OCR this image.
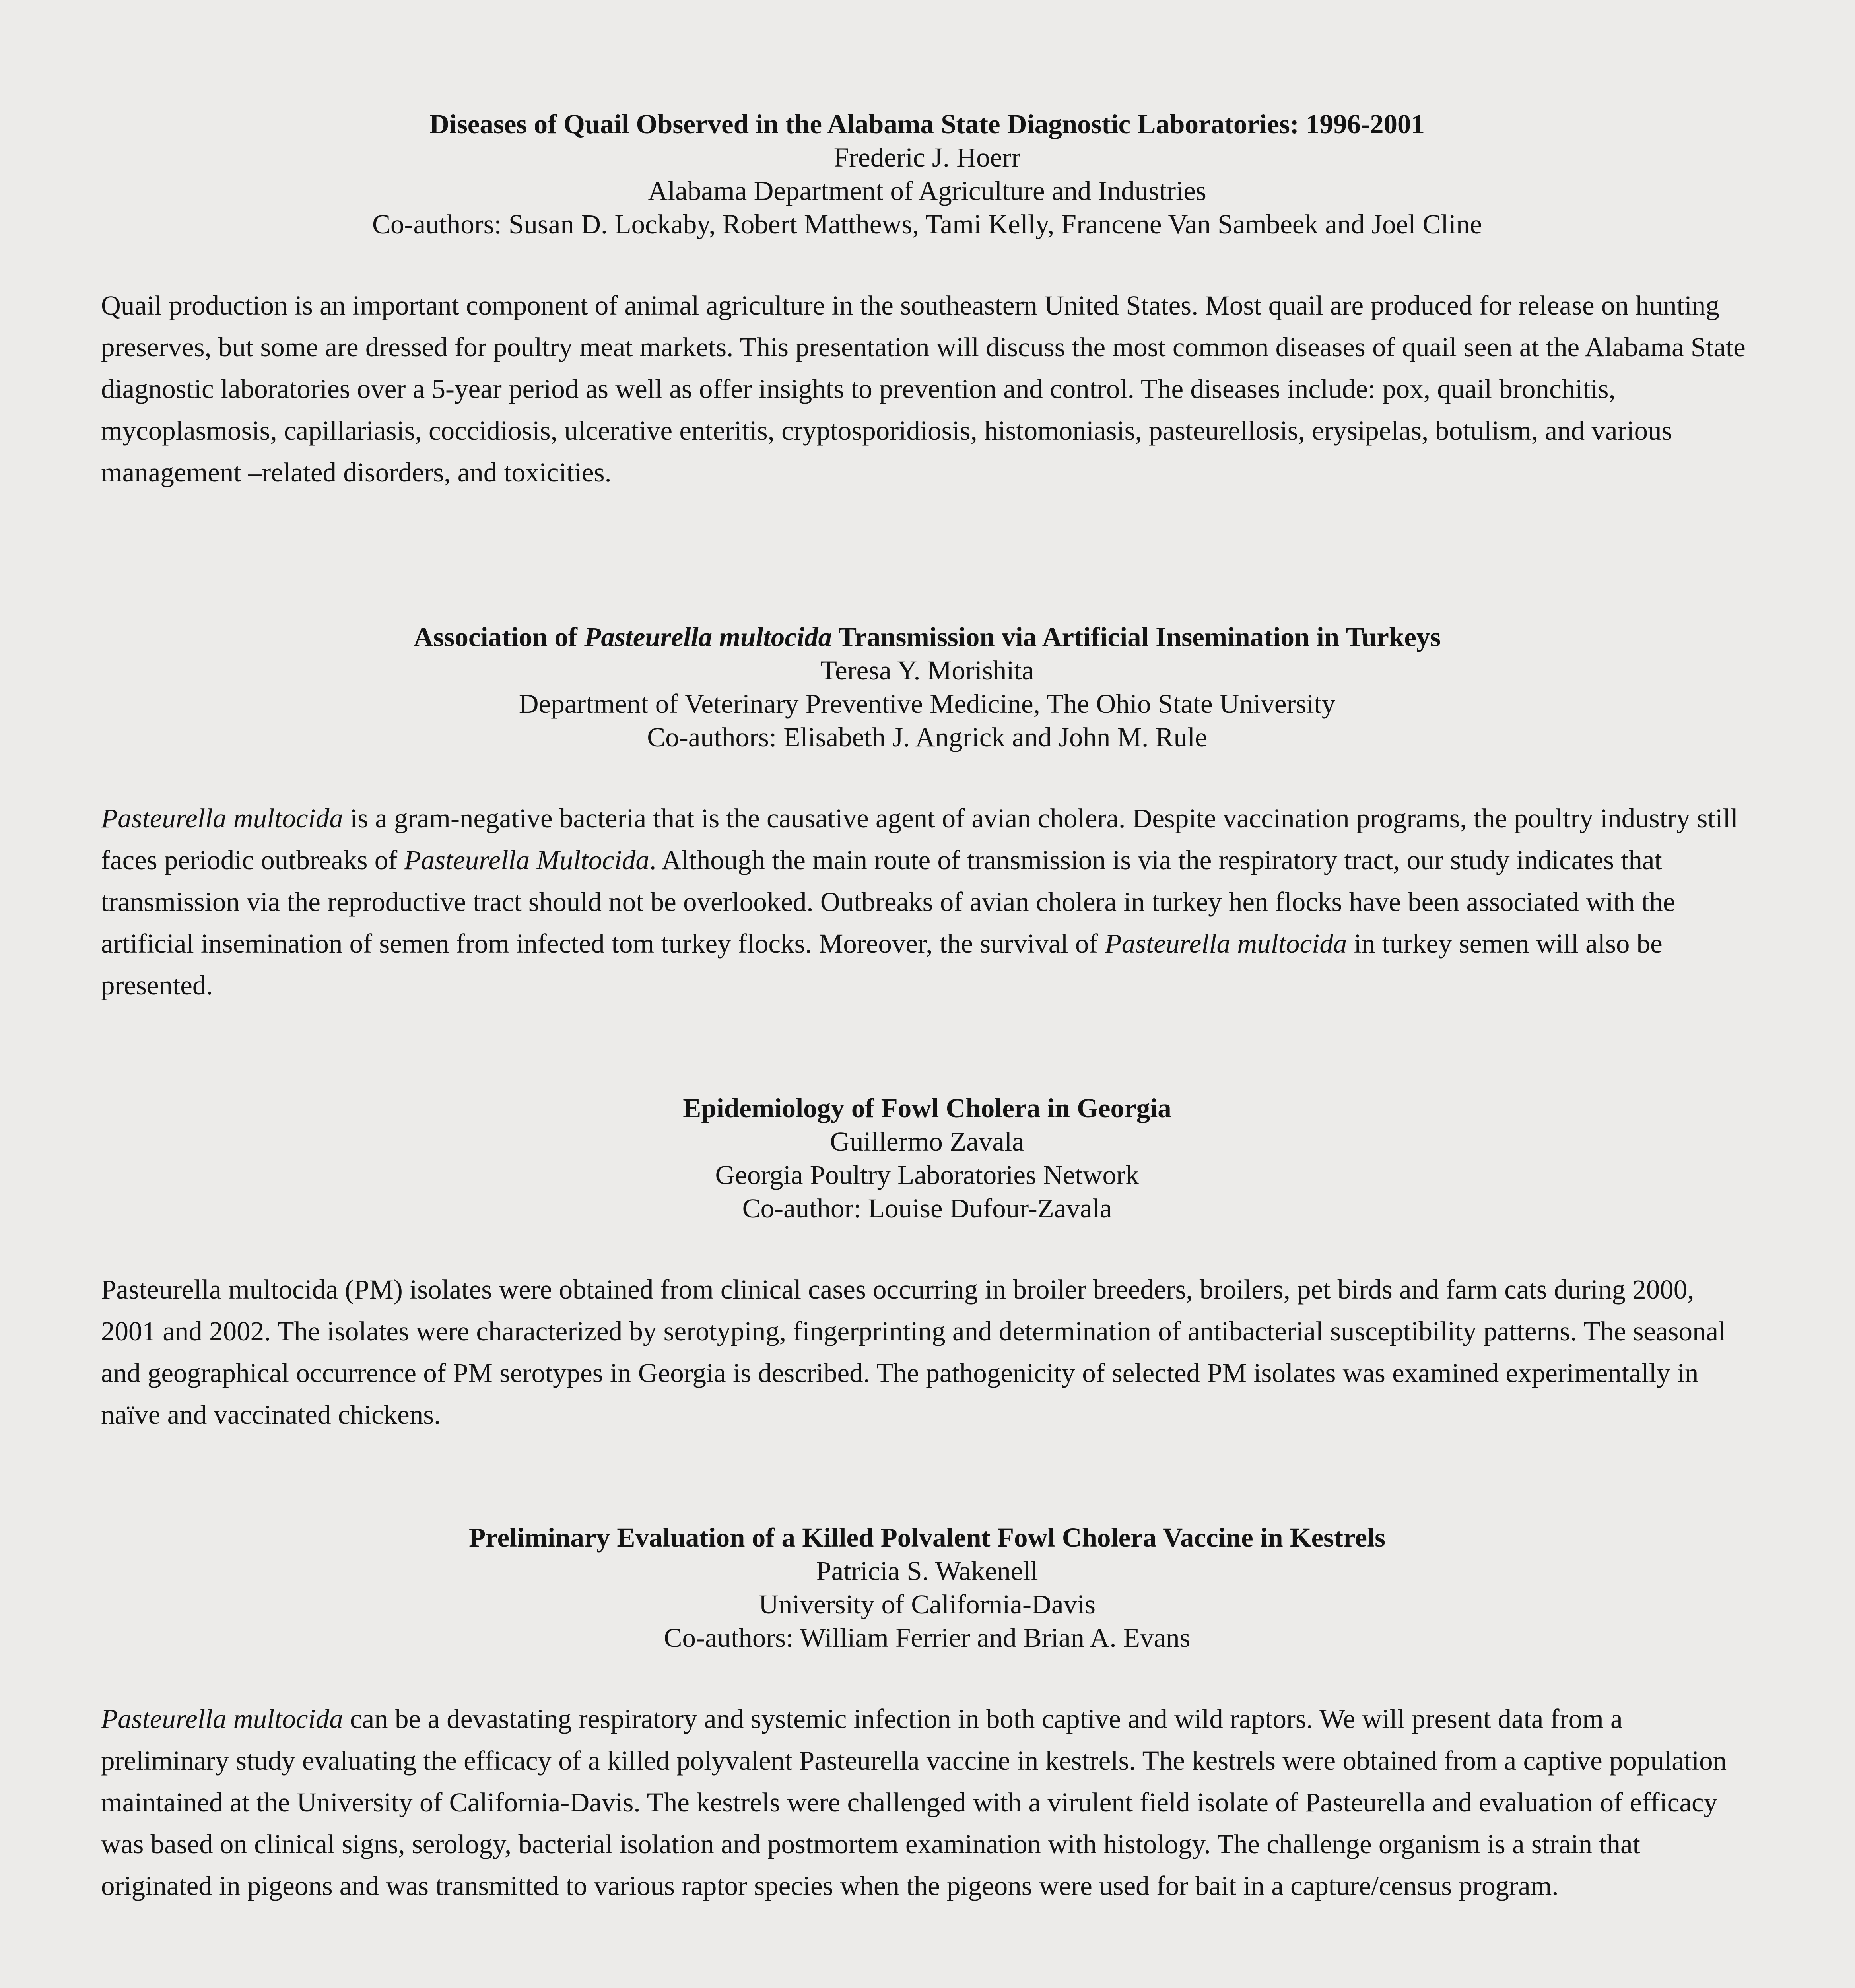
Diseases of Quail Observed in the Alabama State Diagnostic Laboratories: 1996-2001

Frederic J. Hoerr

Alabama Department of Agriculture and Industries

Co-authors: Susan D. Lockaby, Robert Matthews, Tami Kelly, Francene Van Sambeek and Joel Cline

Quail production is an important component of animal agriculture in the southeastern United States. Most quail are produced for release on hunting preserves, but some are dressed for poultry meat markets. This presentation will discuss the most common diseases of quail seen at the Alabama State diagnostic laboratories over a 5-year period as well as offer insights to prevention and control. The diseases include: pox, quail bronchitis, mycoplasmosis, capillariasis, coccidiosis, ulcerative enteritis, cryptosporidiosis, histomoniasis, pasteurellosis, erysipelas, botulism, and various management –related disorders, and toxicities.

Association of Pasteurella multocida Transmission via Artificial Insemination in Turkeys

Teresa Y. Morishita

Department of Veterinary Preventive Medicine, The Ohio State University

Co-authors: Elisabeth J. Angrick and John M. Rule

Pasteurella multocida is a gram-negative bacteria that is the causative agent of avian cholera. Despite vaccination programs, the poultry industry still faces periodic outbreaks of Pasteurella Multocida. Although the main route of transmission is via the respiratory tract, our study indicates that transmission via the reproductive tract should not be overlooked. Outbreaks of avian cholera in turkey hen flocks have been associated with the artificial insemination of semen from infected tom turkey flocks. Moreover, the survival of Pasteurella multocida in turkey semen will also be presented.

Epidemiology of Fowl Cholera in Georgia

Guillermo Zavala

Georgia Poultry Laboratories Network

Co-author: Louise Dufour-Zavala

Pasteurella multocida (PM) isolates were obtained from clinical cases occurring in broiler breeders, broilers, pet birds and farm cats during 2000, 2001 and 2002. The isolates were characterized by serotyping, fingerprinting and determination of antibacterial susceptibility patterns. The seasonal and geographical occurrence of PM serotypes in Georgia is described. The pathogenicity of selected PM isolates was examined experimentally in naïve and vaccinated chickens.

Preliminary Evaluation of a Killed Polvalent Fowl Cholera Vaccine in Kestrels

Patricia S. Wakenell

University of California-Davis

Co-authors: William Ferrier and Brian A. Evans

Pasteurella multocida can be a devastating respiratory and systemic infection in both captive and wild raptors. We will present data from a preliminary study evaluating the efficacy of a killed polyvalent Pasteurella vaccine in kestrels. The kestrels were obtained from a captive population maintained at the University of California-Davis. The kestrels were challenged with a virulent field isolate of Pasteurella and evaluation of efficacy was based on clinical signs, serology, bacterial isolation and postmortem examination with histology. The challenge organism is a strain that originated in pigeons and was transmitted to various raptor species when the pigeons were used for bait in a capture/census program.
